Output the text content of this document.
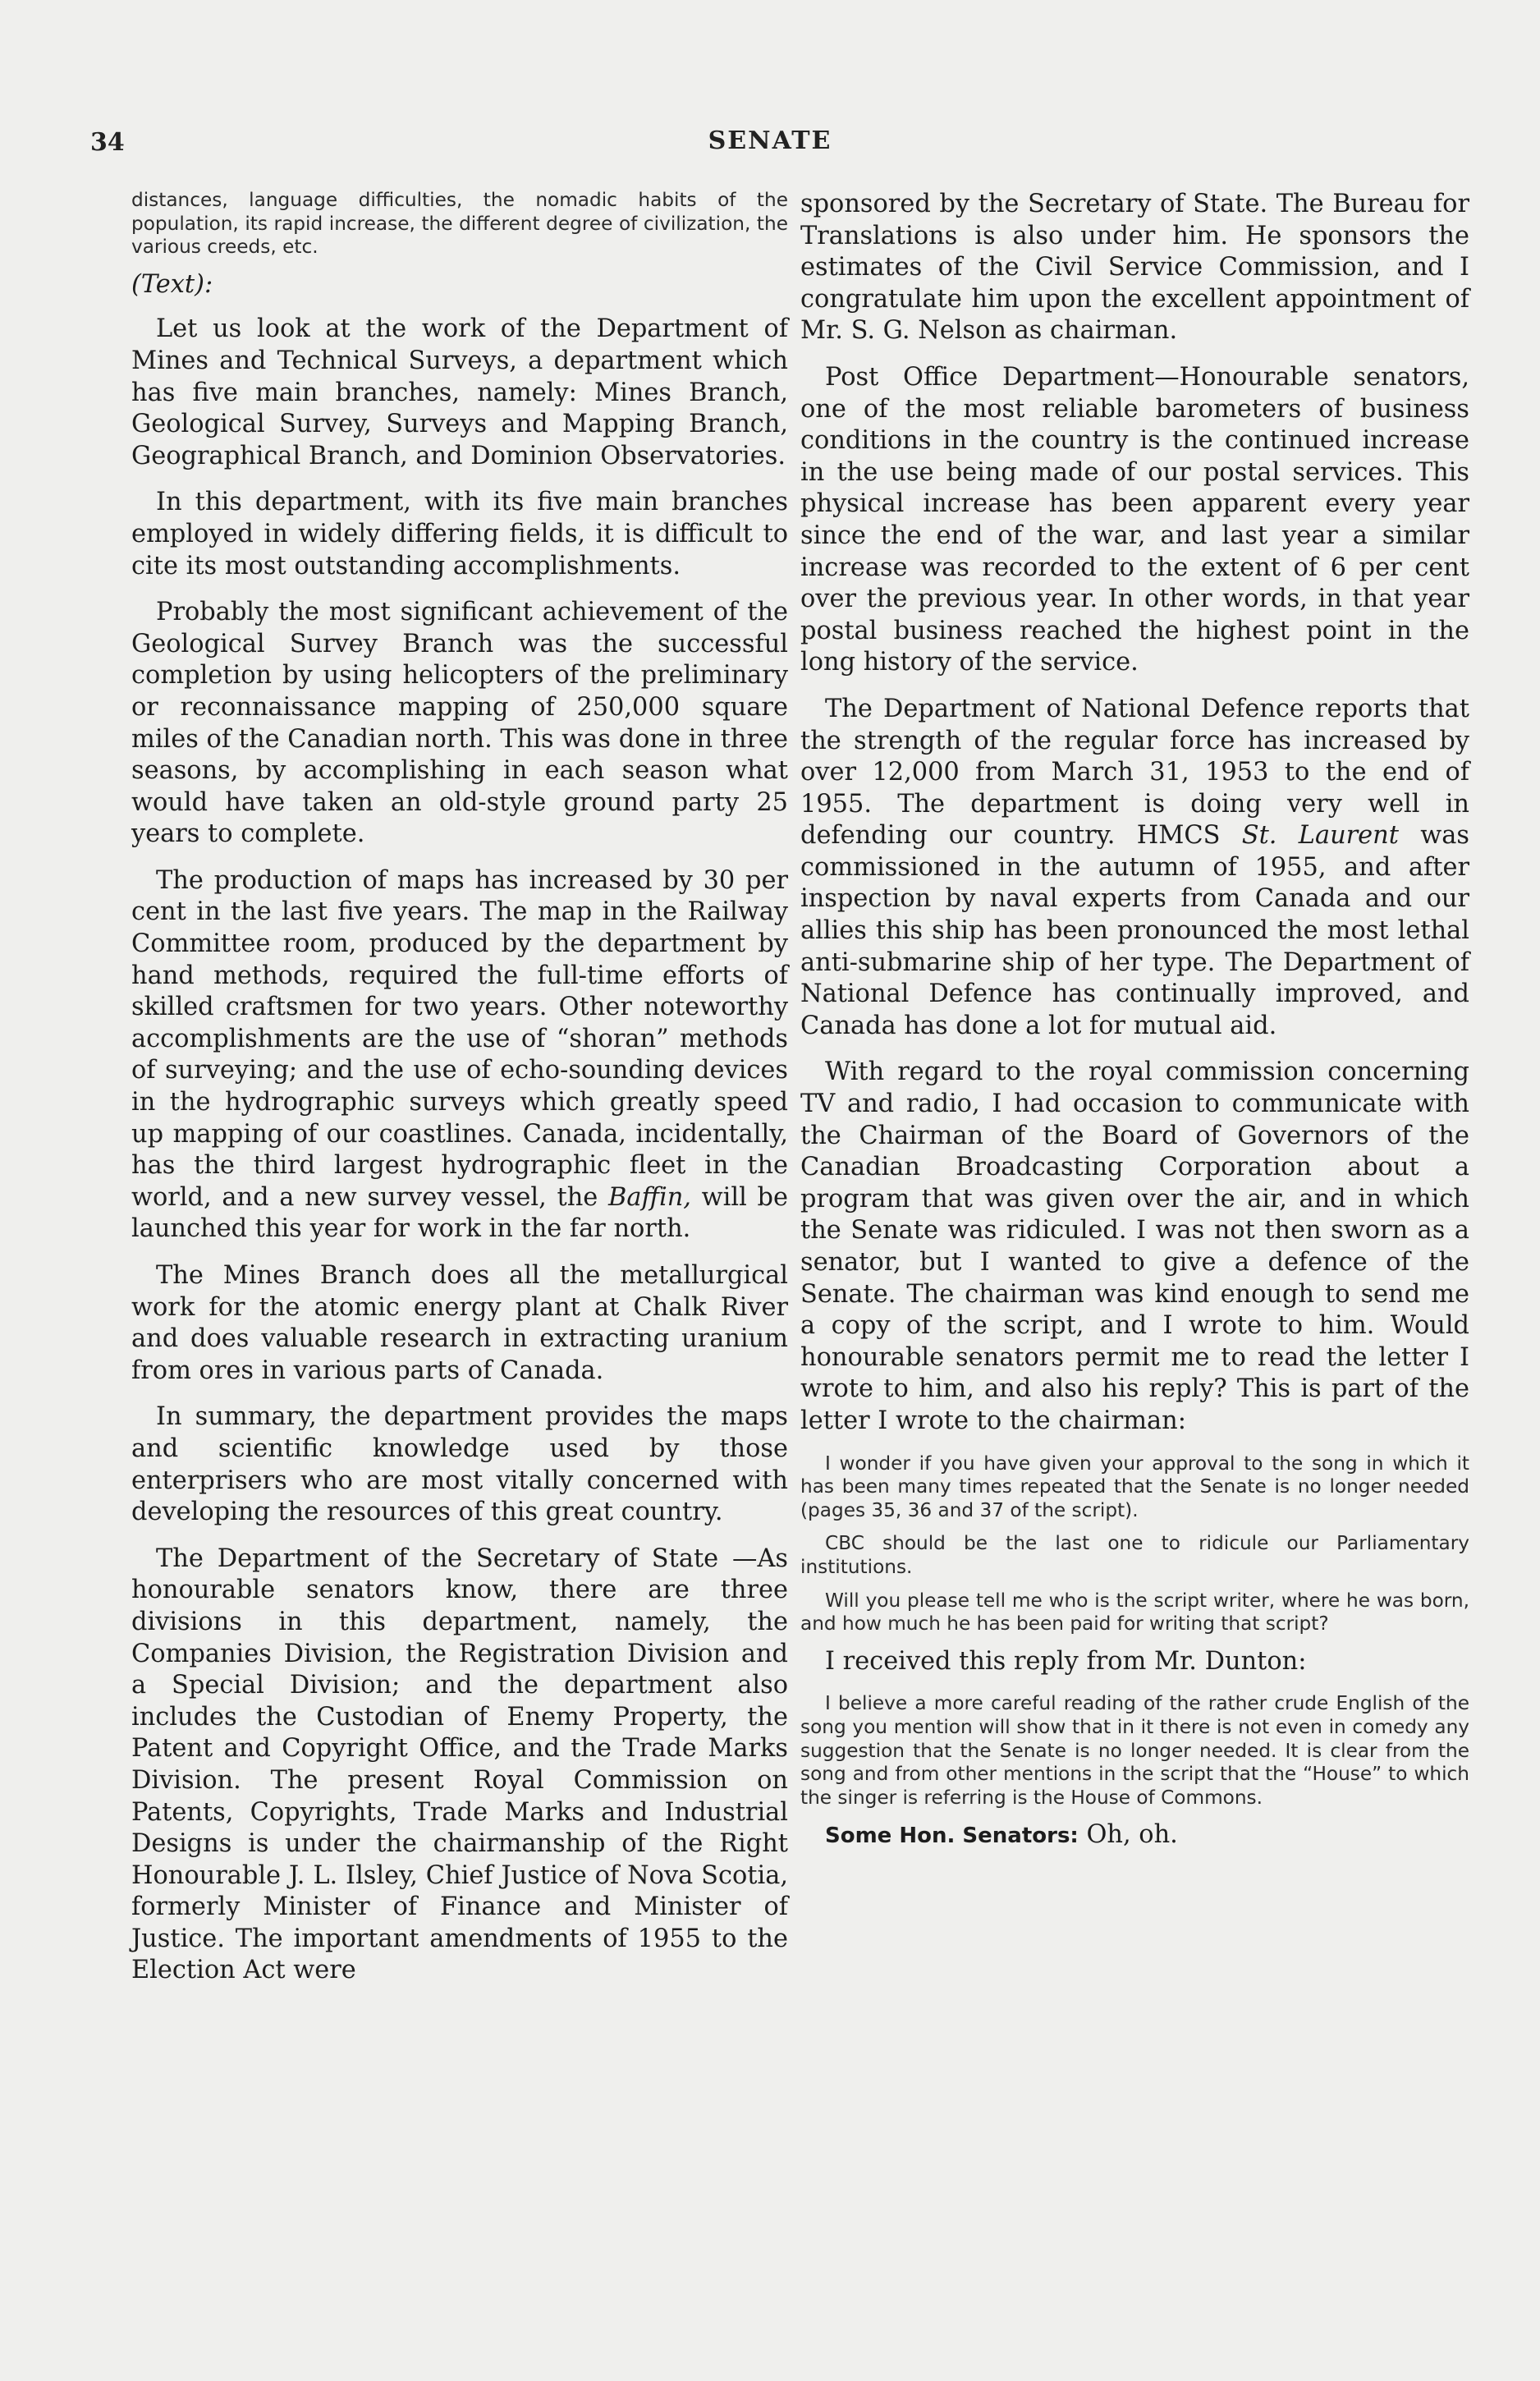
34	SENATE

distances, language difficulties, the nomadic habits of the population, its rapid increase, the different degree of civilization, the various creeds, etc.

(Text):

Let us look at the work of the Department of Mines and Technical Surveys, a department which has five main branches, namely: Mines Branch, Geological Survey, Surveys and Mapping Branch, Geographical Branch, and Dominion Observatories.

In this department, with its five main branches employed in widely differing fields, it is difficult to cite its most outstanding accomplishments.

Probably the most significant achievement of the Geological Survey Branch was the successful completion by using helicopters of the preliminary or reconnaissance mapping of 250,000 square miles of the Canadian north. This was done in three seasons, by accomplishing in each season what would have taken an old-style ground party 25 years to complete.

The production of maps has increased by 30 per cent in the last five years. The map in the Railway Committee room, produced by the department by hand methods, required the full-time efforts of skilled craftsmen for two years. Other noteworthy accomplishments are the use of “shoran” methods of surveying; and the use of echo-sounding devices in the hydrographic surveys which greatly speed up mapping of our coastlines. Canada, incidentally, has the third largest hydrographic fleet in the world, and a new survey vessel, the Baffin, will be launched this year for work in the far north.

The Mines Branch does all the metallurgical work for the atomic energy plant at Chalk River and does valuable research in extracting uranium from ores in various parts of Canada.

In summary, the department provides the maps and scientific knowledge used by those enterprisers who are most vitally concerned with developing the resources of this great country.

The Department of the Secretary of State —As honourable senators know, there are three divisions in this department, namely, the Companies Division, the Registration Division and a Special Division; and the department also includes the Custodian of Enemy Property, the Patent and Copyright Office, and the Trade Marks Division. The present Royal Commission on Patents, Copyrights, Trade Marks and Industrial Designs is under the chairmanship of the Right Honourable J. L. Ilsley, Chief Justice of Nova Scotia, formerly Minister of Finance and Minister of Justice. The important amendments of 1955 to the Election Act were

sponsored by the Secretary of State. The Bureau for Translations is also under him. He sponsors the estimates of the Civil Service Commission, and I congratulate him upon the excellent appointment of Mr. S. G. Nelson as chairman.

Post Office Department—Honourable senators, one of the most reliable barometers of business conditions in the country is the continued increase in the use being made of our postal services. This physical increase has been apparent every year since the end of the war, and last year a similar increase was recorded to the extent of 6 per cent over the previous year. In other words, in that year postal business reached the highest point in the long history of the service.

The Department of National Defence reports that the strength of the regular force has increased by over 12,000 from March 31, 1953 to the end of 1955. The department is doing very well in defending our country. HMCS St. Laurent was commissioned in the autumn of 1955, and after inspection by naval experts from Canada and our allies this ship has been pronounced the most lethal anti-submarine ship of her type. The Department of National Defence has continually improved, and Canada has done a lot for mutual aid.

With regard to the royal commission concerning TV and radio, I had occasion to communicate with the Chairman of the Board of Governors of the Canadian Broadcasting Corporation about a program that was given over the air, and in which the Senate was ridiculed. I was not then sworn as a senator, but I wanted to give a defence of the Senate. The chairman was kind enough to send me a copy of the script, and I wrote to him. Would honourable senators permit me to read the letter I wrote to him, and also his reply? This is part of the letter I wrote to the chairman:

I wonder if you have given your approval to the song in which it has been many times repeated that the Senate is no longer needed (pages 35, 36 and 37 of the script).

CBC should be the last one to ridicule our Parliamentary institutions.

Will you please tell me who is the script writer, where he was born, and how much he has been paid for writing that script?

I received this reply from Mr. Dunton:

I believe a more careful reading of the rather crude English of the song you mention will show that in it there is not even in comedy any suggestion that the Senate is no longer needed. It is clear from the song and from other mentions in the script that the “House” to which the singer is referring is the House of Commons.

Some Hon. Senators: Oh, oh.
